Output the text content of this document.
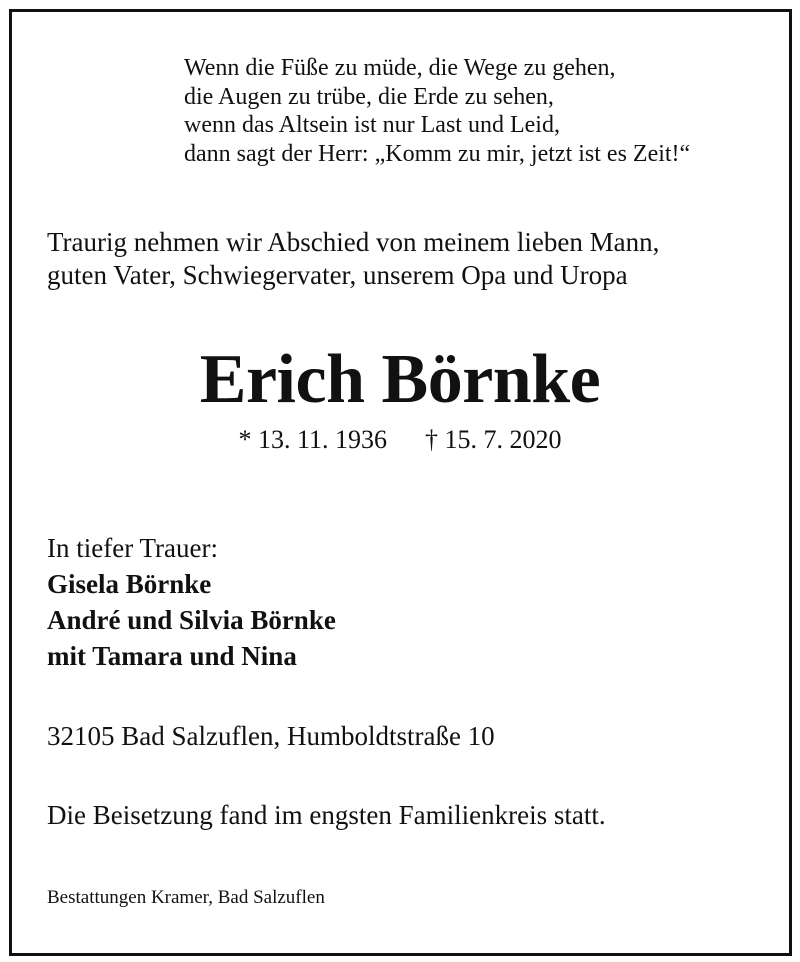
Wenn die Füße zu müde, die Wege zu gehen,
die Augen zu trübe, die Erde zu sehen,
wenn das Altsein ist nur Last und Leid,
dann sagt der Herr: „Komm zu mir, jetzt ist es Zeit!“
Traurig nehmen wir Abschied von meinem lieben Mann,
guten Vater, Schwiegervater, unserem Opa und Uropa
Erich Börnke
* 13. 11. 1936 † 15. 7. 2020
In tiefer Trauer:
Gisela Börnke
André und Silvia Börnke
mit Tamara und Nina
32105 Bad Salzuflen, Humboldtstraße 10
Die Beisetzung fand im engsten Familienkreis statt.
Bestattungen Kramer, Bad Salzuflen
